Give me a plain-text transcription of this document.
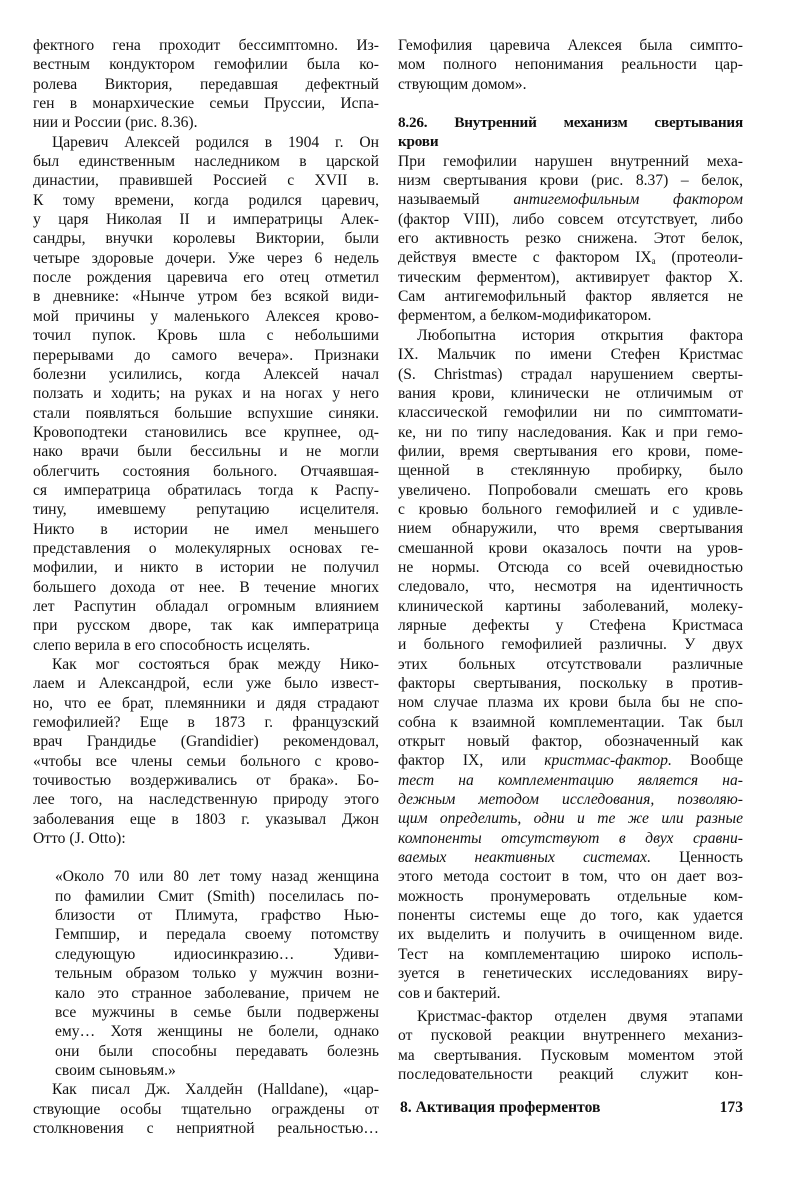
фектного гена проходит бессимптомно. Из-
вестным кондуктором гемофилии была ко-
ролева Виктория, передавшая дефектный
ген в монархические семьи Пруссии, Испа-
нии и России (рис. 8.36).
Царевич Алексей родился в 1904 г. Он
был единственным наследником в царской
династии, правившей Россией с XVII в.
К тому времени, когда родился царевич,
у царя Николая II и императрицы Алек-
сандры, внучки королевы Виктории, были
четыре здоровые дочери. Уже через 6 недель
после рождения царевича его отец отметил
в дневнике: «Нынче утром без всякой види-
мой причины у маленького Алексея крово-
точил пупок. Кровь шла с небольшими
перерывами до самого вечера». Признаки
болезни усилились, когда Алексей начал
ползать и ходить; на руках и на ногах у него
стали появляться большие вспухшие синяки.
Кровоподтеки становились все крупнее, од-
нако врачи были бессильны и не могли
облегчить состояния больного. Отчаявшая-
ся императрица обратилась тогда к Распу-
тину, имевшему репутацию исцелителя.
Никто в истории не имел меньшего
представления о молекулярных основах ге-
мофилии, и никто в истории не получил
большего дохода от нее. В течение многих
лет Распутин обладал огромным влиянием
при русском дворе, так как императрица
слепо верила в его способность исцелять.
Как мог состояться брак между Нико-
лаем и Александрой, если уже было извест-
но, что ее брат, племянники и дядя страдают
гемофилией? Еще в 1873 г. французский
врач Грандидье (Grandidier) рекомендовал,
«чтобы все члены семьи больного с крово-
точивостью воздерживались от брака». Бо-
лее того, на наследственную природу этого
заболевания еще в 1803 г. указывал Джон
Отто (J. Otto):
«Около 70 или 80 лет тому назад женщина
по фамилии Смит (Smith) поселилась по-
близости от Плимута, графство Нью-
Гемпшир, и передала своему потомству
следующую идиосинкразию… Удиви-
тельным образом только у мужчин возни-
кало это странное заболевание, причем не
все мужчины в семье были подвержены
ему… Хотя женщины не болели, однако
они были способны передавать болезнь
своим сыновьям.»
Как писал Дж. Халдейн (Halldane), «цар-
ствующие особы тщательно ограждены от
столкновения с неприятной реальностью…
Гемофилия царевича Алексея была симпто-
мом полного непонимания реальности цар-
ствующим домом».
8.26. Внутренний механизм свертывания
крови
При гемофилии нарушен внутренний меха-
низм свертывания крови (рис. 8.37) – белок,
называемый антигемофильным фактором
(фактор VIII), либо совсем отсутствует, либо
его активность резко снижена. Этот белок,
действуя вместе с фактором $IX_a$ (протеоли-
тическим ферментом), активирует фактор X.
Сам антигемофильный фактор является не
ферментом, а белком-модификатором.
Любопытна история открытия фактора
IX. Мальчик по имени Стефен Кристмас
(S. Christmas) страдал нарушением сверты-
вания крови, клинически не отличимым от
классической гемофилии ни по симптомати-
ке, ни по типу наследования. Как и при гемо-
филии, время свертывания его крови, поме-
щенной в стеклянную пробирку, было
увеличено. Попробовали смешать его кровь
с кровью больного гемофилией и с удивле-
нием обнаружили, что время свертывания
смешанной крови оказалось почти на уров-
не нормы. Отсюда со всей очевидностью
следовало, что, несмотря на идентичность
клинической картины заболеваний, молеку-
лярные дефекты у Стефена Кристмаса
и больного гемофилией различны. У двух
этих больных отсутствовали различные
факторы свертывания, поскольку в против-
ном случае плазма их крови была бы не спо-
собна к взаимной комплементации. Так был
открыт новый фактор, обозначенный как
фактор IX, или кристмас-фактор. Вообще
тест на комплементацию является на-
дежным методом исследования, позволяю-
щим определить, одни и те же или разные
компоненты отсутствуют в двух сравни-
ваемых неактивных системах. Ценность
этого метода состоит в том, что он дает воз-
можность пронумеровать отдельные ком-
поненты системы еще до того, как удается
их выделить и получить в очищенном виде.
Тест на комплементацию широко исполь-
зуется в генетических исследованиях виру-
сов и бактерий.
Кристмас-фактор отделен двумя этапами
от пусковой реакции внутреннего механиз-
ма свертывания. Пусковым моментом этой
последовательности реакций служит кон-
8. Активация проферментов	173
